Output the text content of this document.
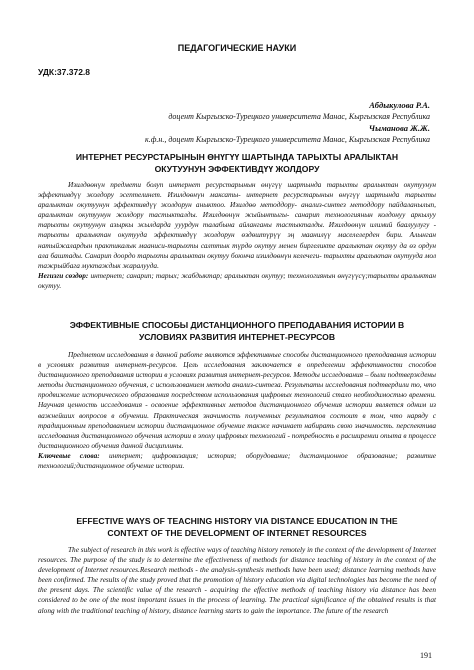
ПЕДАГОГИЧЕСКИЕ НАУКИ
УДК:37.372.8
Абдыкулова Р.А.
доцент Кыргызско-Турецкого университета Манас, Кыргызская Республика
Чыманова Ж.Ж.
к.ф.н., доцент Кыргызско-Турецкого университета Манас, Кыргызская Республика
ИНТЕРНЕТ РЕСУРСТАРЫНЫН ӨНҮГҮҮ ШАРТЫНДА ТАРЫХТЫ АРАЛЫКТАН
ОКУТУУНУН ЭФФЕКТИВДҮҮ ЖОЛДОРУ

Изилдөөнүн предмети болуп интернет ресурстарынын өнүгүү шартында тарыхты аралыктан окутуунун эффективдүү жолдору эсептелинет. Изилдөөнүн максаты- интернет ресурстарынын өнүгүү шартында тарыхты аралыктан окутуунун эффективдүү жолдорун аныктоо. Изилдөө методдору- анализ-синтез методдору пайдаланылып, аралыктан окутуунун жолдору тастыкталды. Изилдөөнүн жыйынтыгы- санарип технологиянын колдонуу аркылуу тарыхты окутуунун азыркы жылдарда ууурдун талабына айланганы тастыкталды. Изилдөөнүн илимий баалуулугу - тарыхты аралыктан окутууда эффективдүү жолдорун өздөштүрүү эң маанилүү маселелерден бири. Алынган натыйжалардын практикалык мааниси-тарыхты салттык түрдө окутуу менен биргеликте аралыктан окутуу да өз ордун ала баштады. Санарип доордо тарыхты аралыктан окутуу боюнча изилдөөнүн келечеги- тарыхты аралыктан окутууда мол тажрыйбага муктаждык жаралууда.
Негизги сөздөр: интернет; санарип; тарых; жабдыктар; аралыктан окутуу; технологиянын өнүгүүсү;тарыхты аралыктан окутуу.

ЭФФЕКТИВНЫЕ СПОСОБЫ ДИСТАНЦИОННОГО ПРЕПОДАВАНИЯ ИСТОРИИ В
УСЛОВИЯХ РАЗВИТИЯ ИНТЕРНЕТ-РЕСУРСОВ

Предметом исследования в данной работе являются эффективные способы дистанционного преподавания истории в условиях развития интернет-ресурсов. Цель исследования заключается в определении эффективности способов дистанционного преподавания истории в условиях развития интернет-ресурсов. Методы исследования – были подтверждены методы дистанционного обучения, с использованием метода анализ-синтеза. Результаты исследования подтвердили то, что продвижение исторического образования посредством использования цифровых технологий стало необходимостью времени. Научная ценность исследования - освоение эффективных методов дистанционного обучения истории является одним из важнейших вопросов в обучении. Практическая значимость полученных результатов состоит в том, что наряду с традиционным преподаванием истории дистанционное обучение также начинает набирать свою значимость. перспектива исследования дистанционного обучения истории в эпоху цифровых технологий - потребность в расширении опыта в процессе дистанционного обучения данной дисциплины.
Ключевые слова: интернет; цифровизация; история; оборудование; дистанционное образование; развитие технологий;дистанционное обучение истории.

EFFECTIVE WAYS OF TEACHING HISTORY VIA DISTANCE EDUCATION IN THE
CONTEXT OF THE DEVELOPMENT OF INTERNET RESOURCES

The subject of research in this work is effective ways of teaching history remotely in the context of the development of Internet resources. The purpose of the study is to determine the effectiveness of methods for distance teaching of history in the context of the development of Internet resources.Research methods - the analysis-synthesis methods have been used; distance learning methods have been confirmed. The results of the study proved that the promotion of history education via digital technologies has become the need of the present days. The scientific value of the research - acquiring the effective methods of teaching history via distance has been considered to be one of the most important issues in the process of learning. The practical significance of the obtained results is that along with the traditional teaching of history, distance learning starts to gain the importance. The future of the research

191
